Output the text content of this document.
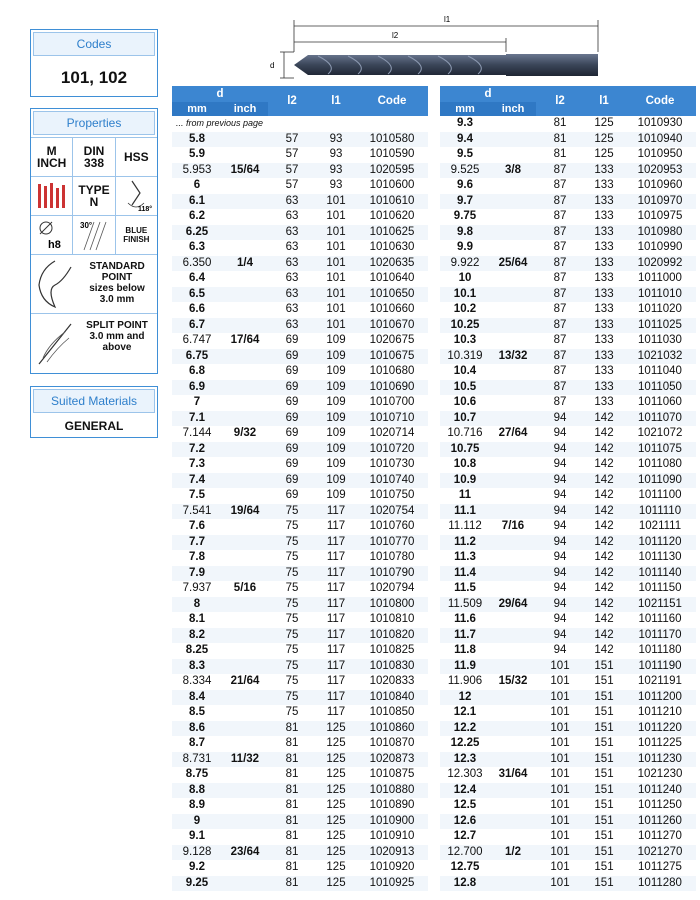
Codes
101, 102
Properties
M
INCH
DIN
338 HSS
TYPE
N
118°
h8
30°
BLUE
FINISH
STANDARD
POINT
sizes below
3.0 mm
SPLIT POINT
3.0 mm and
above
Suited Materials
GENERAL
l1
l2
d
d		l2	l1	Code
mm	inch			
... from previous page				
5.8		57	93	1010580
5.9		57	93	1010590
5.953	15/64	57	93	1020595
6		57	93	1010600
6.1		63	101	1010610
6.2		63	101	1010620
6.25		63	101	1010625
6.3		63	101	1010630
6.350	1/4	63	101	1020635
6.4		63	101	1010640
6.5		63	101	1010650
6.6		63	101	1010660
6.7		63	101	1010670
6.747	17/64	69	109	1020675
6.75		69	109	1010675
6.8		69	109	1010680
6.9		69	109	1010690
7		69	109	1010700
7.1		69	109	1010710
7.144	9/32	69	109	1020714
7.2		69	109	1010720
7.3		69	109	1010730
7.4		69	109	1010740
7.5		69	109	1010750
7.541	19/64	75	117	1020754
7.6		75	117	1010760
7.7		75	117	1010770
7.8		75	117	1010780
7.9		75	117	1010790
7.937	5/16	75	117	1020794
8		75	117	1010800
8.1		75	117	1010810
8.2		75	117	1010820
8.25		75	117	1010825
8.3		75	117	1010830
8.334	21/64	75	117	1020833
8.4		75	117	1010840
8.5		75	117	1010850
8.6		81	125	1010860
8.7		81	125	1010870
8.731	11/32	81	125	1020873
8.75		81	125	1010875
8.8		81	125	1010880
8.9		81	125	1010890
9		81	125	1010900
9.1		81	125	1010910
9.128	23/64	81	125	1020913
9.2		81	125	1010920
9.25		81	125	1010925
d		l2	l1	Code
mm	inch			
9.3		81	125	1010930
9.4		81	125	1010940
9.5		81	125	1010950
9.525	3/8	87	133	1020953
9.6		87	133	1010960
9.7		87	133	1010970
9.75		87	133	1010975
9.8		87	133	1010980
9.9		87	133	1010990
9.922	25/64	87	133	1020992
10		87	133	1011000
10.1		87	133	1011010
10.2		87	133	1011020
10.25		87	133	1011025
10.3		87	133	1011030
10.319	13/32	87	133	1021032
10.4		87	133	1011040
10.5		87	133	1011050
10.6		87	133	1011060
10.7		94	142	1011070
10.716	27/64	94	142	1021072
10.75		94	142	1011075
10.8		94	142	1011080
10.9		94	142	1011090
11		94	142	1011100
11.1		94	142	1011110
11.112	7/16	94	142	1021111
11.2		94	142	1011120
11.3		94	142	1011130
11.4		94	142	1011140
11.5		94	142	1011150
11.509	29/64	94	142	1021151
11.6		94	142	1011160
11.7		94	142	1011170
11.8		94	142	1011180
11.9		101	151	1011190
11.906	15/32	101	151	1021191
12		101	151	1011200
12.1		101	151	1011210
12.2		101	151	1011220
12.25		101	151	1011225
12.3		101	151	1011230
12.303	31/64	101	151	1021230
12.4		101	151	1011240
12.5		101	151	1011250
12.6		101	151	1011260
12.7		101	151	1011270
12.700	1/2	101	151	1021270
12.75		101	151	1011275
12.8		101	151	1011280
